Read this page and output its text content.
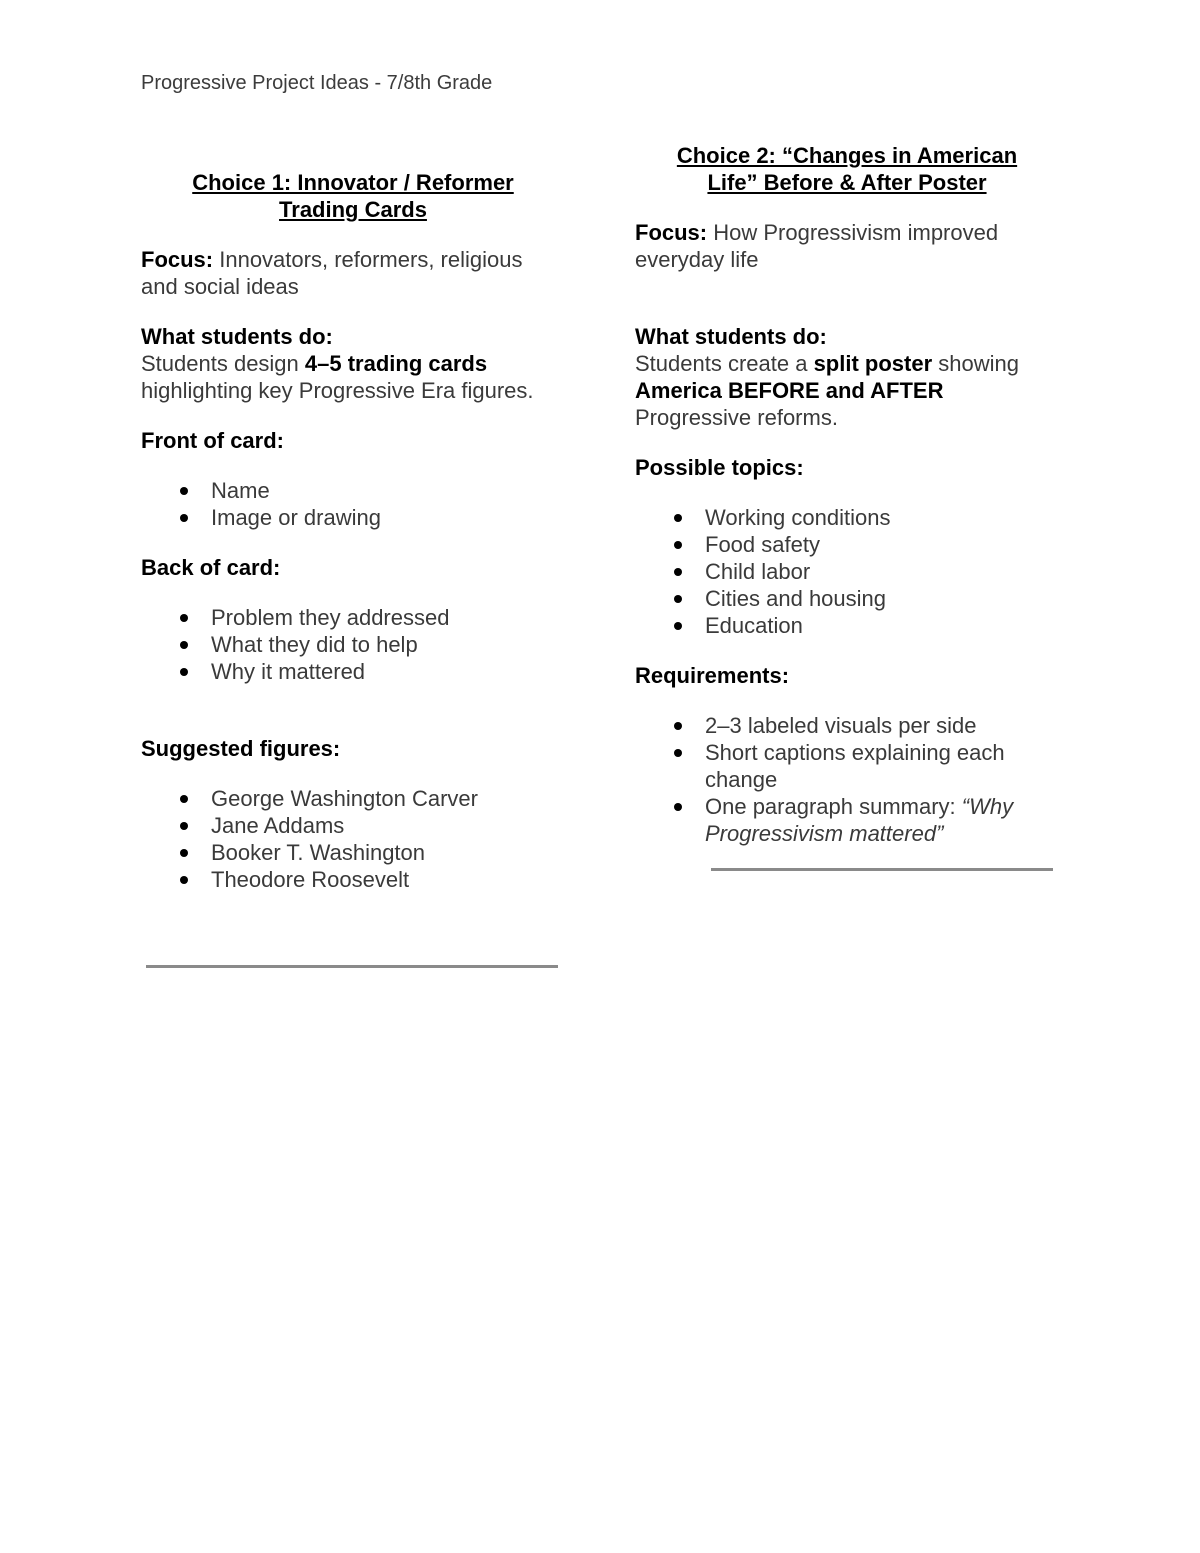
Progressive Project Ideas - 7/8th Grade
Choice 1: Innovator / Reformer
Trading Cards

Focus: Innovators, reformers, religious and social ideas

What students do:

Students design 4–5 trading cards highlighting key Progressive Era figures.

Front of card:

Name
Image or drawing

Back of card:

Problem they addressed
What they did to help
Why it mattered

Suggested figures:

George Washington Carver
Jane Addams
Booker T. Washington
Theodore Roosevelt
Choice 2: “Changes in American
Life” Before & After Poster

Focus: How Progressivism improved everyday life

What students do:

Students create a split poster showing America BEFORE and AFTER Progressive reforms.

Possible topics:

Working conditions
Food safety
Child labor
Cities and housing
Education

Requirements:

2–3 labeled visuals per side
Short captions explaining each change
One paragraph summary: “Why Progressivism mattered”
